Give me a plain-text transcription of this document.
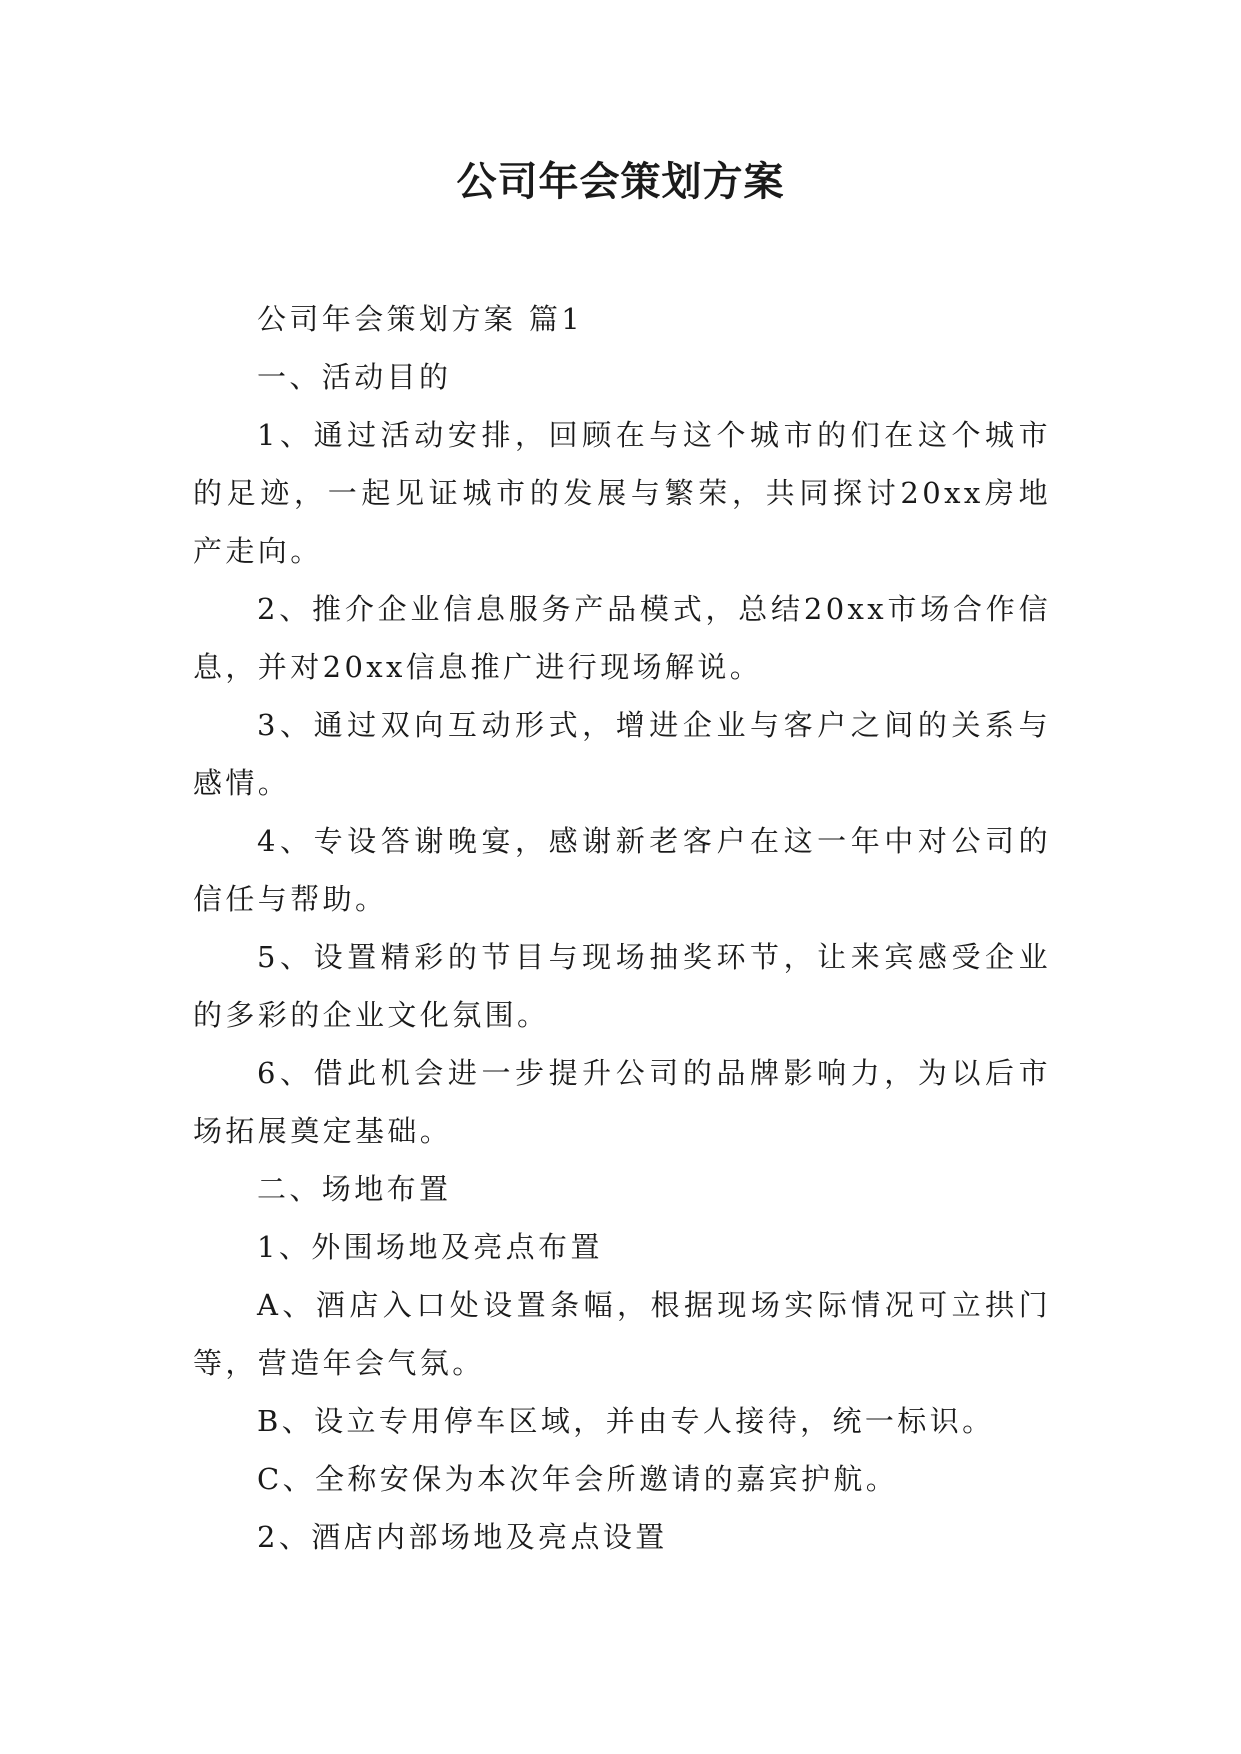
公司年会策划方案

公司年会策划方案 篇1

一、活动目的

1、通过活动安排，回顾在与这个城市的们在这个城市的足迹，一起见证城市的发展与繁荣，共同探讨20xx房地产走向。

2、推介企业信息服务产品模式，总结20xx市场合作信息，并对20xx信息推广进行现场解说。

3、通过双向互动形式，增进企业与客户之间的关系与感情。

4、专设答谢晚宴，感谢新老客户在这一年中对公司的信任与帮助。

5、设置精彩的节目与现场抽奖环节，让来宾感受企业的多彩的企业文化氛围。

6、借此机会进一步提升公司的品牌影响力，为以后市场拓展奠定基础。

二、场地布置

1、外围场地及亮点布置

A、酒店入口处设置条幅，根据现场实际情况可立拱门等，营造年会气氛。

B、设立专用停车区域，并由专人接待，统一标识。

C、全称安保为本次年会所邀请的嘉宾护航。

2、酒店内部场地及亮点设置
